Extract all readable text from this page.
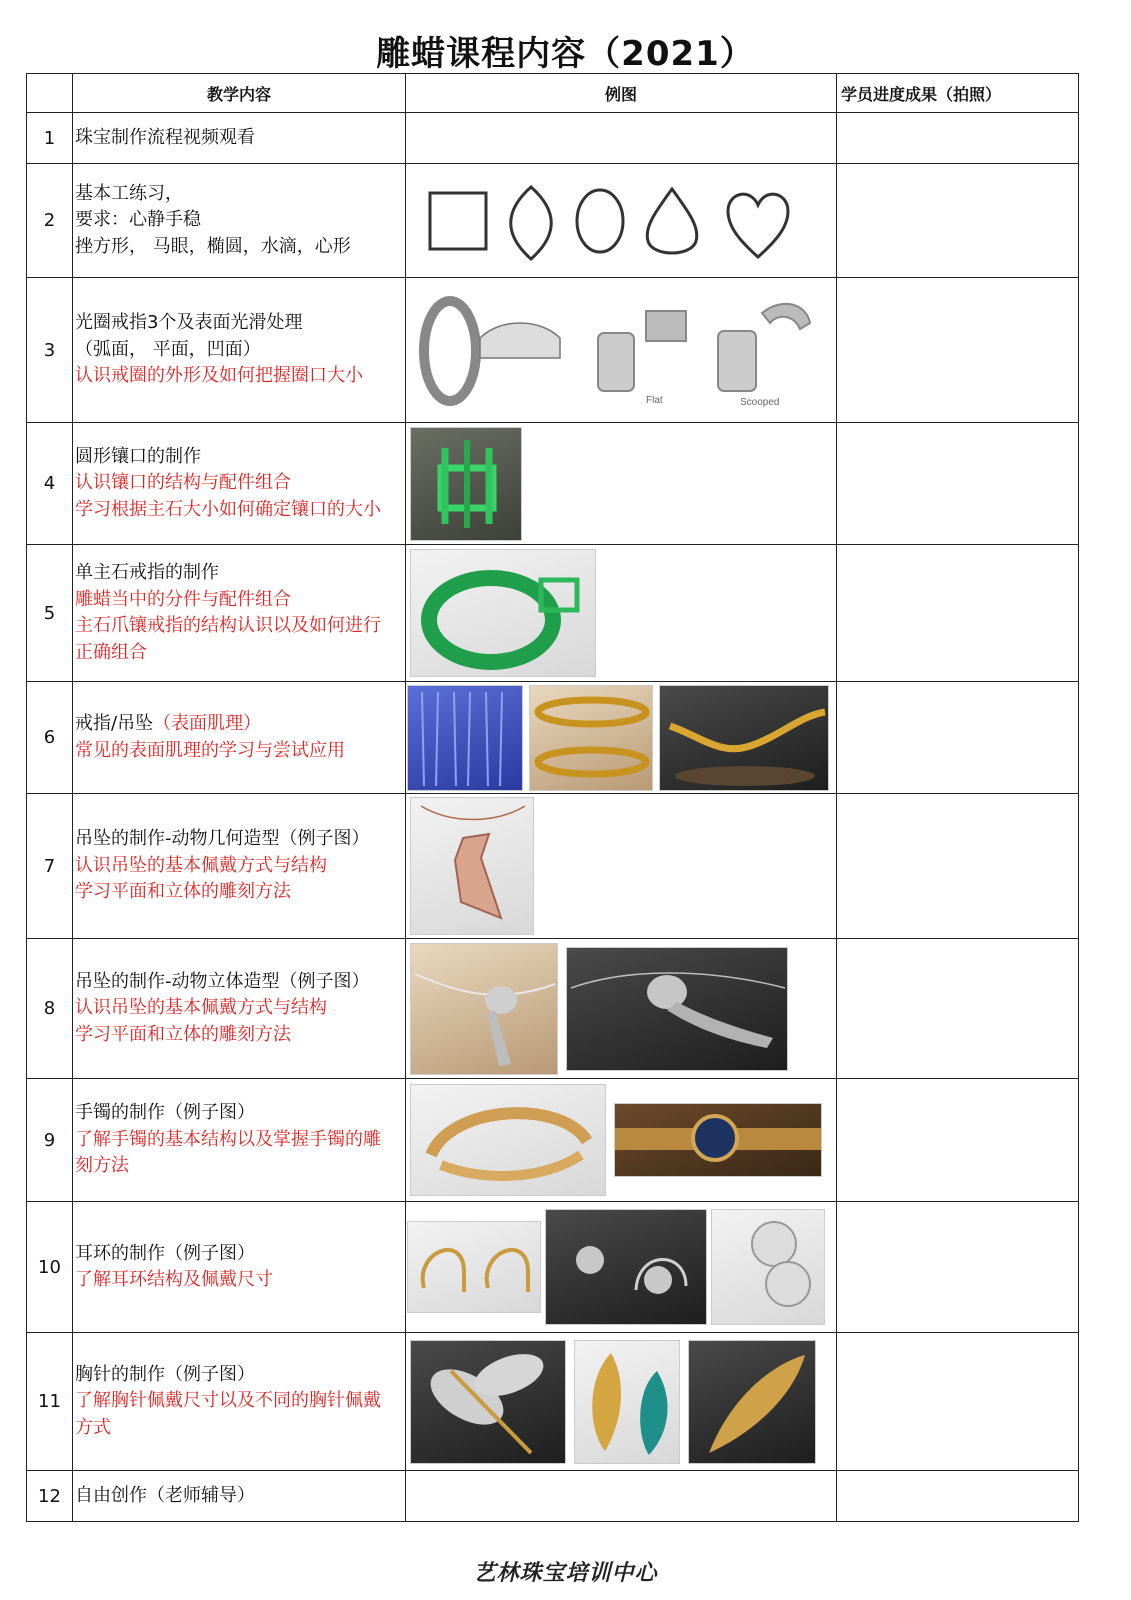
雕蜡课程内容（2021）
	教学内容	例图	学员进度成果（拍照）
1	珠宝制作流程视频观看		

2	基本工练习，
要求：心静手稳
挫方形， 马眼，椭圆，水滴，心形

3	光圈戒指3个及表面光滑处理
（弧面， 平面，凹面）
认识戒圈的外形及如何把握圈口大小	Flat Scooped	

4	圆形镶口的制作
认识镶口的结构与配件组合
学习根据主石大小如何确定镶口的大小

5	单主石戒指的制作
雕蜡当中的分件与配件组合
主石爪镶戒指的结构认识以及如何进行
正确组合

6	戒指/吊坠（表面肌理）
常见的表面肌理的学习与尝试应用

7	吊坠的制作-动物几何造型（例子图）
认识吊坠的基本佩戴方式与结构
学习平面和立体的雕刻方法

8	吊坠的制作-动物立体造型（例子图）
认识吊坠的基本佩戴方式与结构
学习平面和立体的雕刻方法

9	手镯的制作（例子图）
了解手镯的基本结构以及掌握手镯的雕
刻方法

10	耳环的制作（例子图）
了解耳环结构及佩戴尺寸

11	胸针的制作（例子图）
了解胸针佩戴尺寸以及不同的胸针佩戴
方式

12	自由创作（老师辅导）		

艺林珠宝培训中心
